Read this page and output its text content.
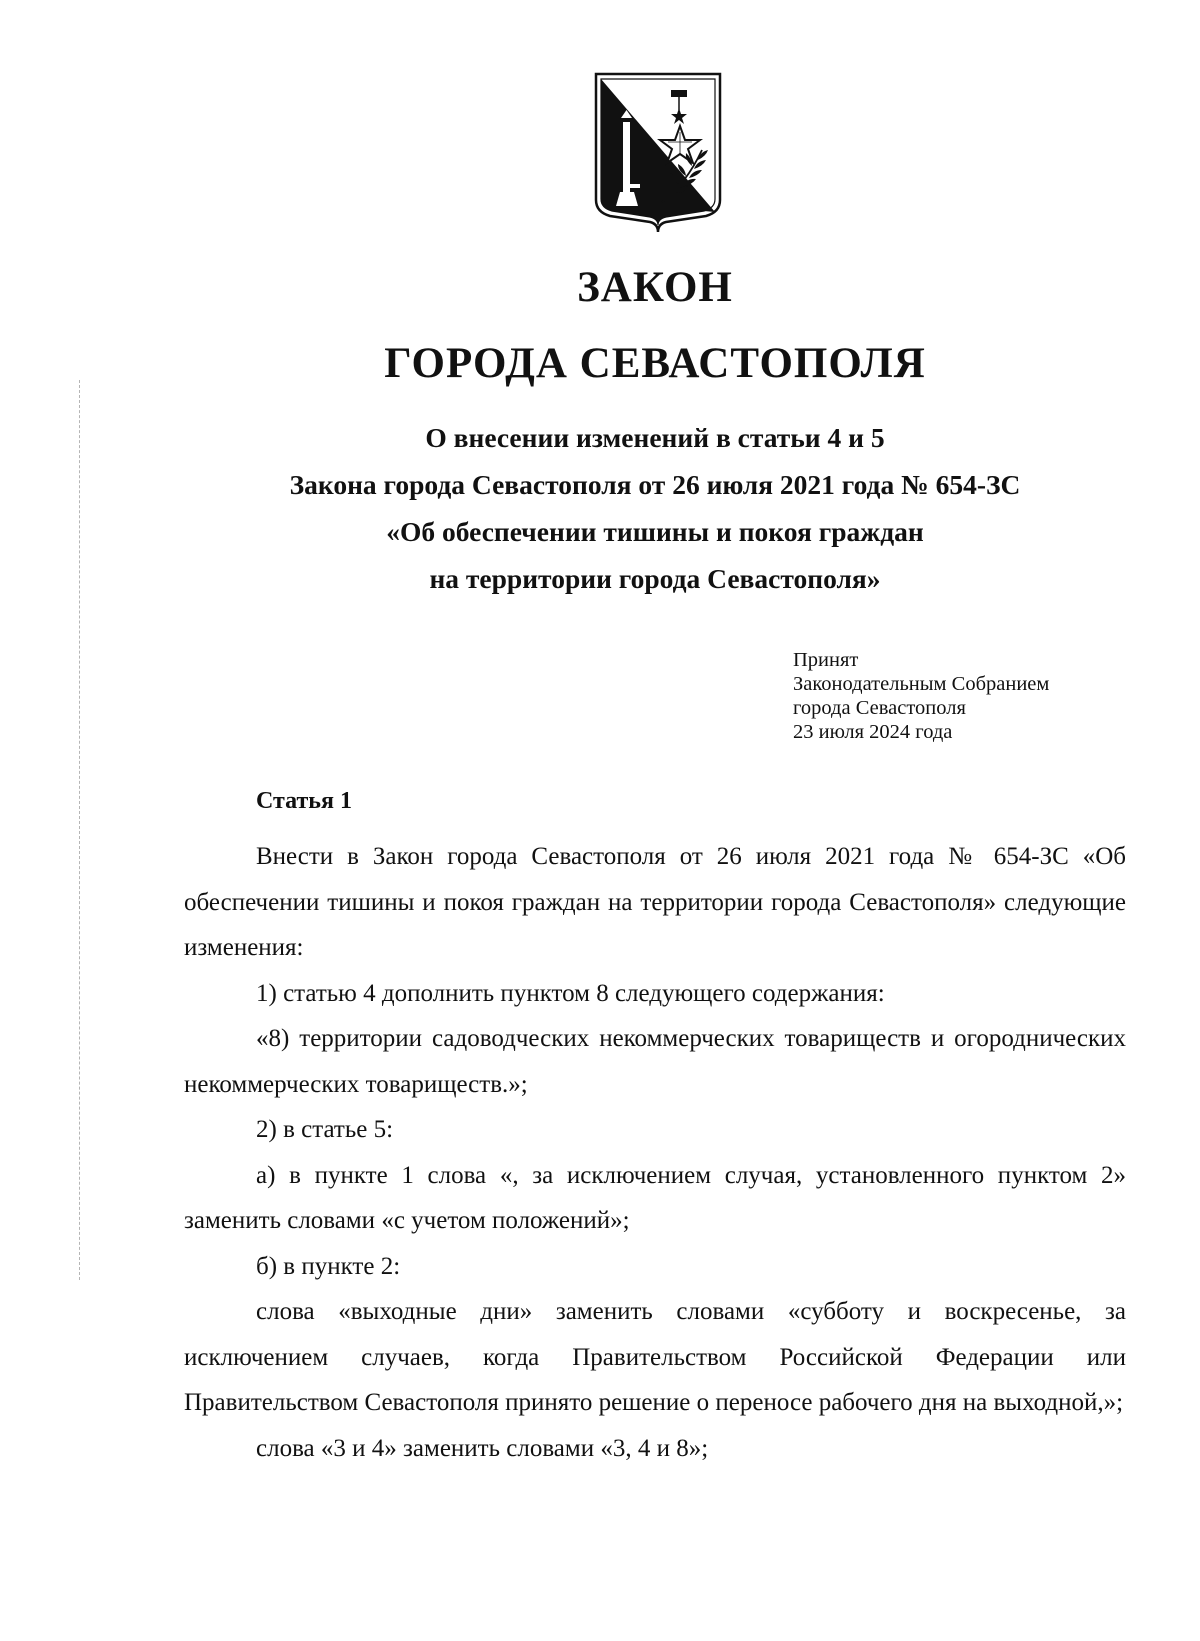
ЗАКОН
ГОРОДА СЕВАСТОПОЛЯ
О внесении изменений в статьи 4 и 5
Закона города Севастополя от 26 июля 2021 года № 654-ЗС
«Об обеспечении тишины и покоя граждан
на территории города Севастополя»
Принят
Законодательным Собранием
города Севастополя
23 июля 2024 года
Статья 1

Внести в Закон города Севастополя от 26 июля 2021 года № 654-ЗС «Об обеспечении тишины и покоя граждан на территории города Севастополя» следующие изменения:

1) статью 4 дополнить пунктом 8 следующего содержания:

«8) территории садоводческих некоммерческих товариществ и огороднических некоммерческих товариществ.»;

2) в статье 5:

а) в пункте 1 слова «, за исключением случая, установленного пунктом 2» заменить словами «с учетом положений»;

б) в пункте 2:

слова «выходные дни» заменить словами «субботу и воскресенье, за исключением случаев, когда Правительством Российской Федерации или Правительством Севастополя принято решение о переносе рабочего дня на выходной,»;

слова «3 и 4» заменить словами «3, 4 и 8»;
